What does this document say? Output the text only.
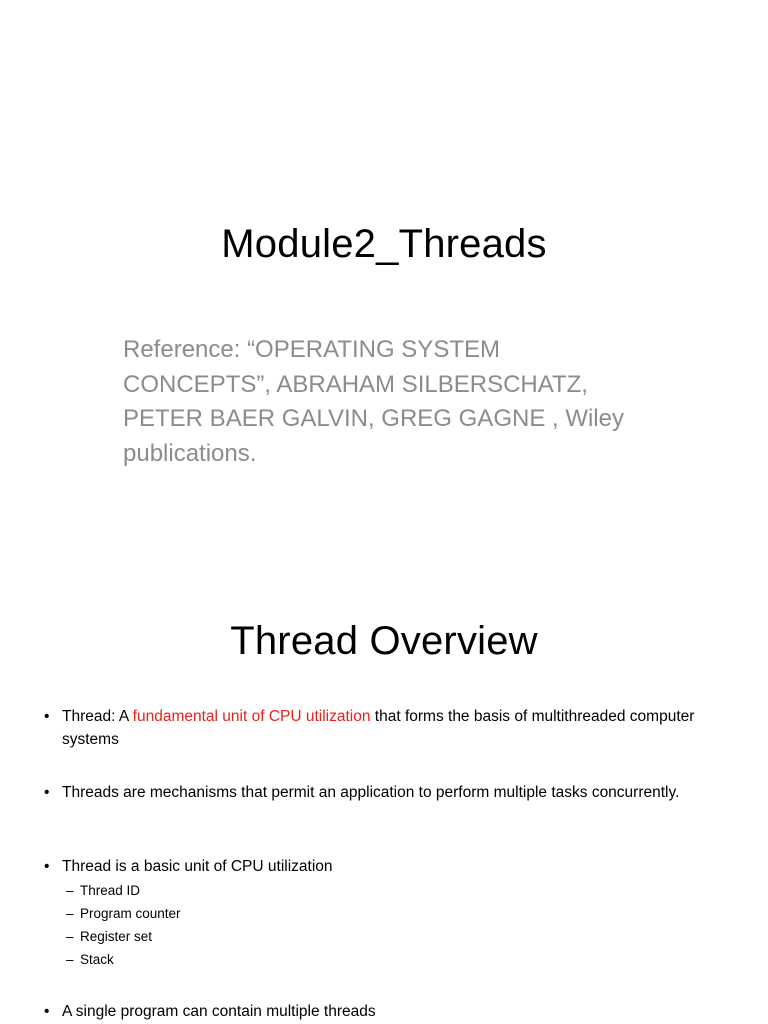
Module2_Threads
Reference: “OPERATING SYSTEM
CONCEPTS”, ABRAHAM SILBERSCHATZ,
PETER BAER GALVIN, GREG GAGNE , Wiley
publications.
Thread Overview
• Thread: A fundamental unit of CPU utilization that forms the basis of multithreaded computer systems
• Threads are mechanisms that permit an application to perform multiple tasks concurrently.
• Thread is a basic unit of CPU utilization
– Thread ID
– Program counter
– Register set
– Stack
• A single program can contain multiple threads
